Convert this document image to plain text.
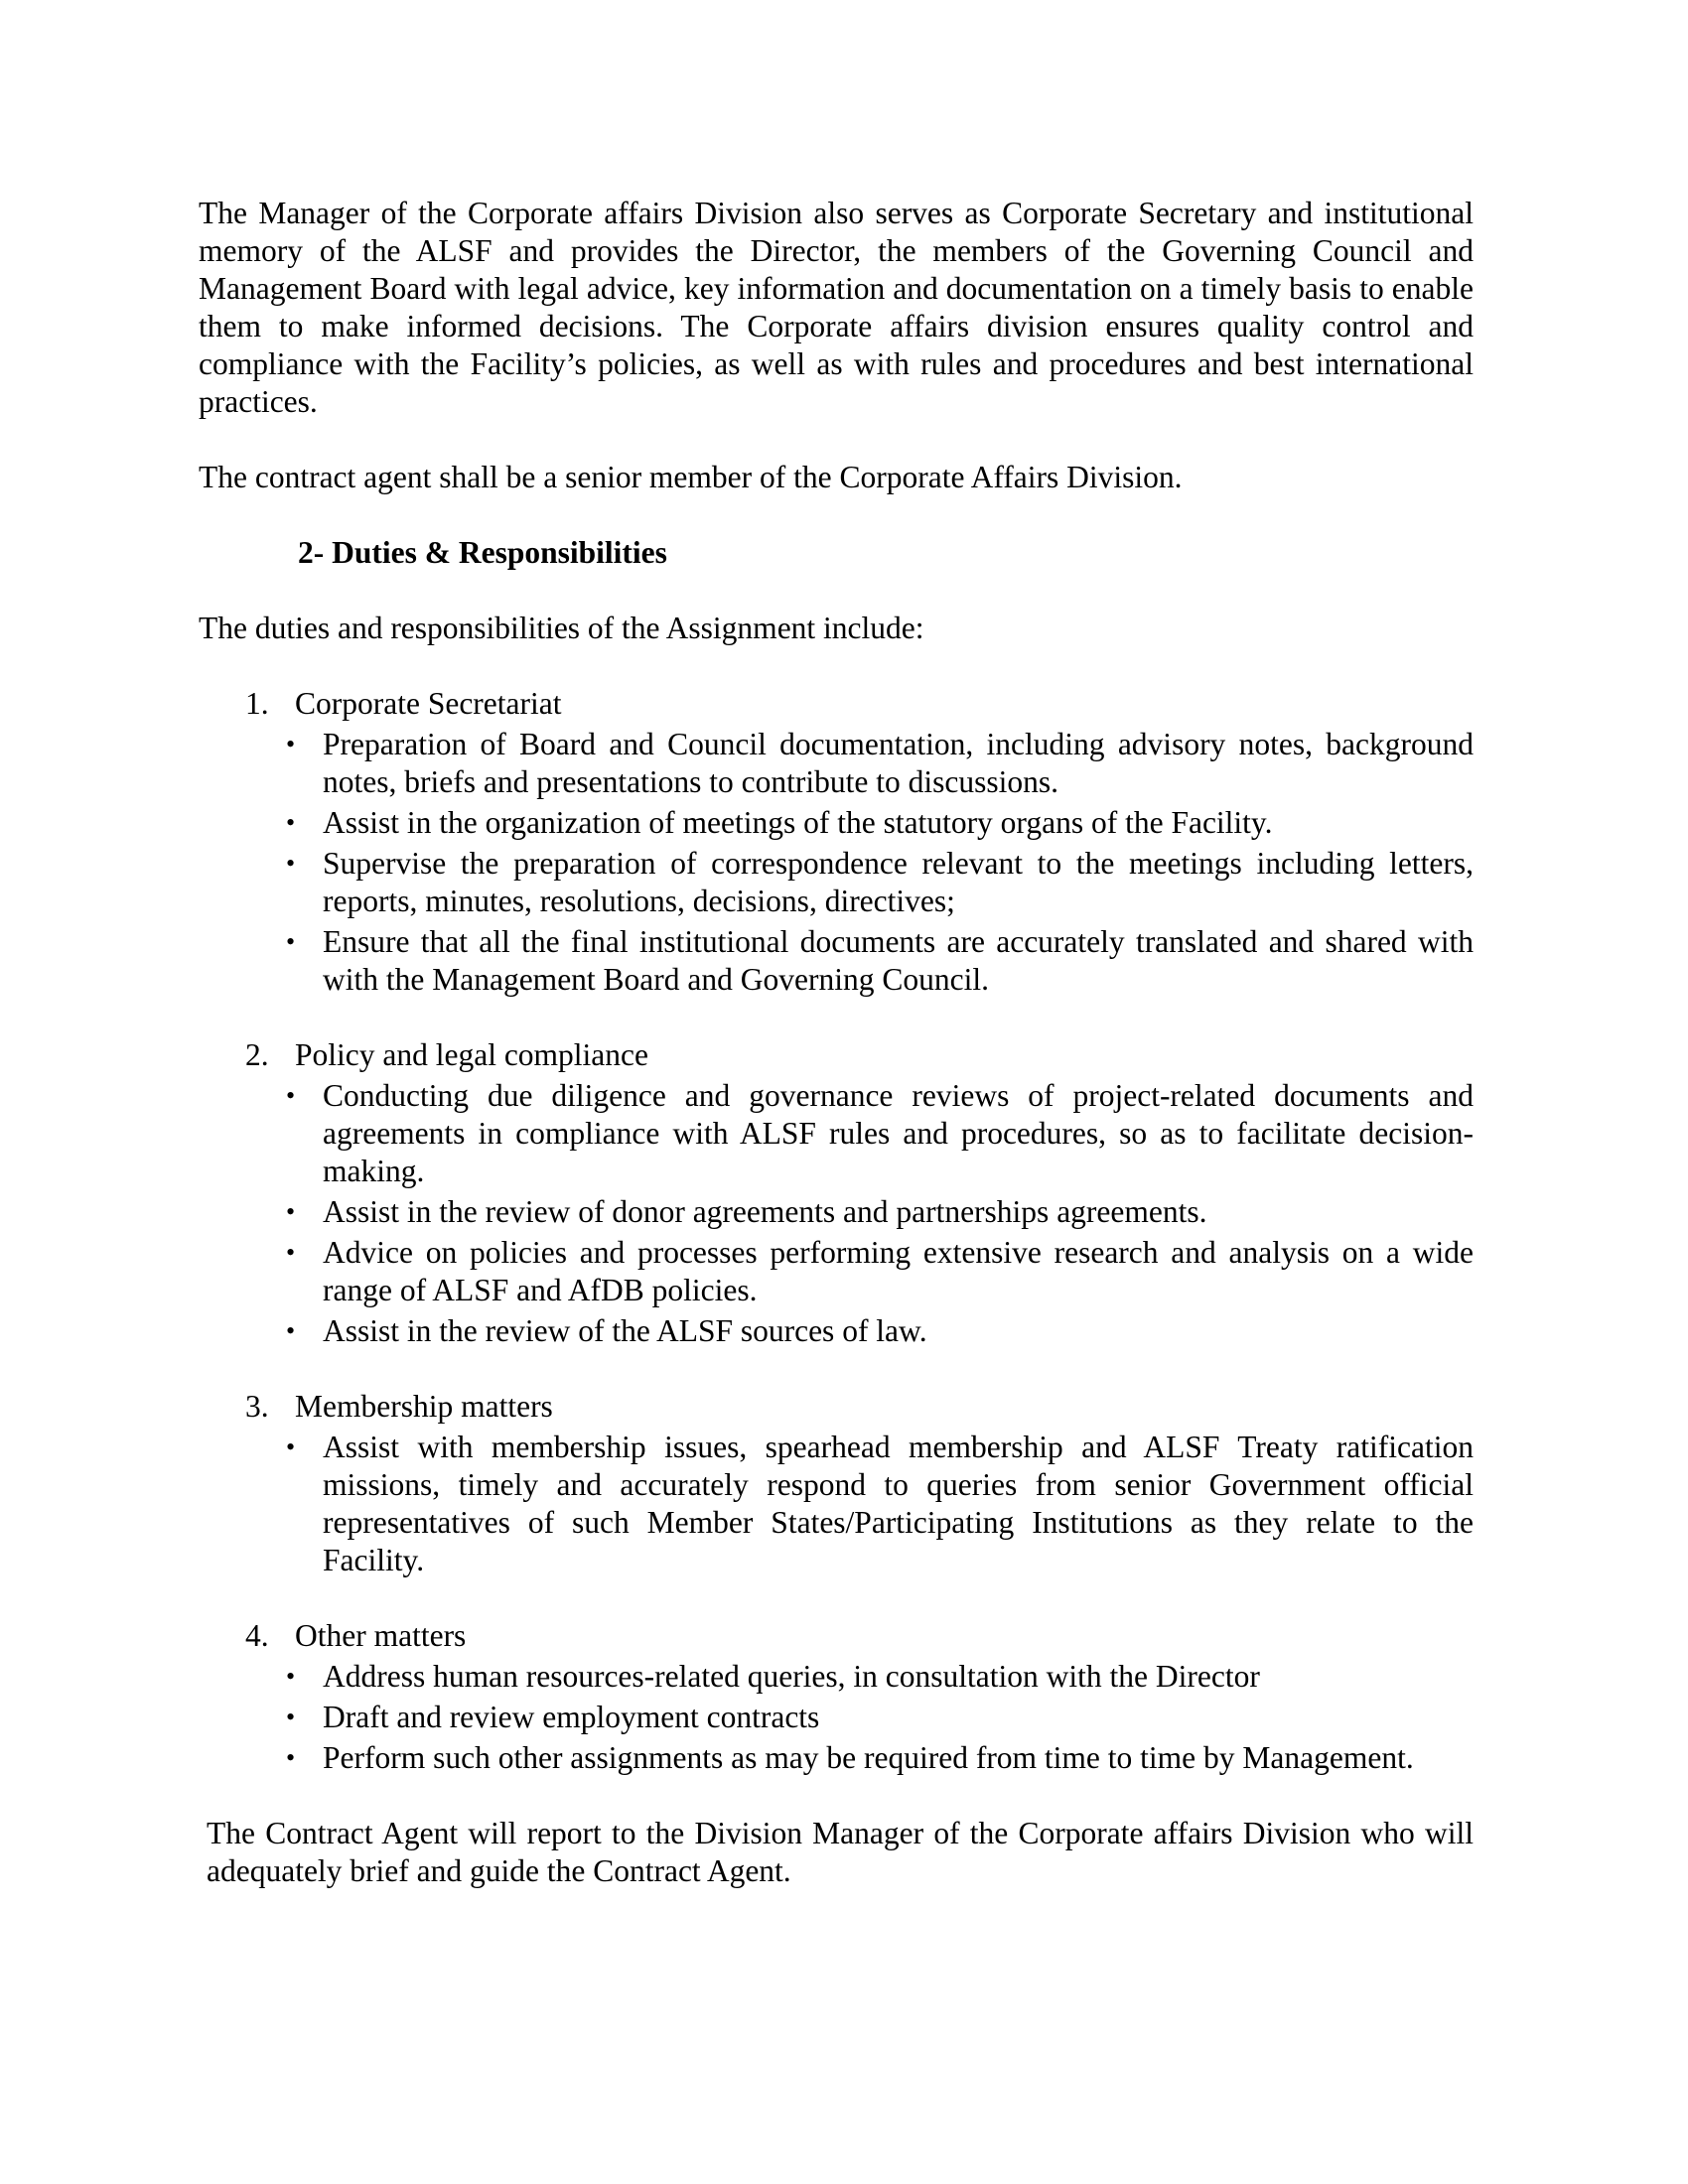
The Manager of the Corporate affairs Division also serves as Corporate Secretary and institutional memory of the ALSF and provides the Director, the members of the Governing Council and Management Board with legal advice, key information and documentation on a timely basis to enable them to make informed decisions. The Corporate affairs division ensures quality control and compliance with the Facility’s policies, as well as with rules and procedures and best international practices.

The contract agent shall be a senior member of the Corporate Affairs Division.

2- Duties & Responsibilities

The duties and responsibilities of the Assignment include:

1. Corporate Secretariat
• Preparation of Board and Council documentation, including advisory notes, background notes, briefs and presentations to contribute to discussions.
• Assist in the organization of meetings of the statutory organs of the Facility.
• Supervise the preparation of correspondence relevant to the meetings including letters, reports, minutes, resolutions, decisions, directives;
• Ensure that all the final institutional documents are accurately translated and shared with with the Management Board and Governing Council.
2. Policy and legal compliance
• Conducting due diligence and governance reviews of project-related documents and agreements in compliance with ALSF rules and procedures, so as to facilitate decision-making.
• Assist in the review of donor agreements and partnerships agreements.
• Advice on policies and processes performing extensive research and analysis on a wide range of ALSF and AfDB policies.
• Assist in the review of the ALSF sources of law.
3. Membership matters
• Assist with membership issues, spearhead membership and ALSF Treaty ratification missions, timely and accurately respond to queries from senior Government official representatives of such Member States/Participating Institutions as they relate to the Facility.
4. Other matters
• Address human resources-related queries, in consultation with the Director
• Draft and review employment contracts
• Perform such other assignments as may be required from time to time by Management.

The Contract Agent will report to the Division Manager of the Corporate affairs Division who will adequately brief and guide the Contract Agent.
